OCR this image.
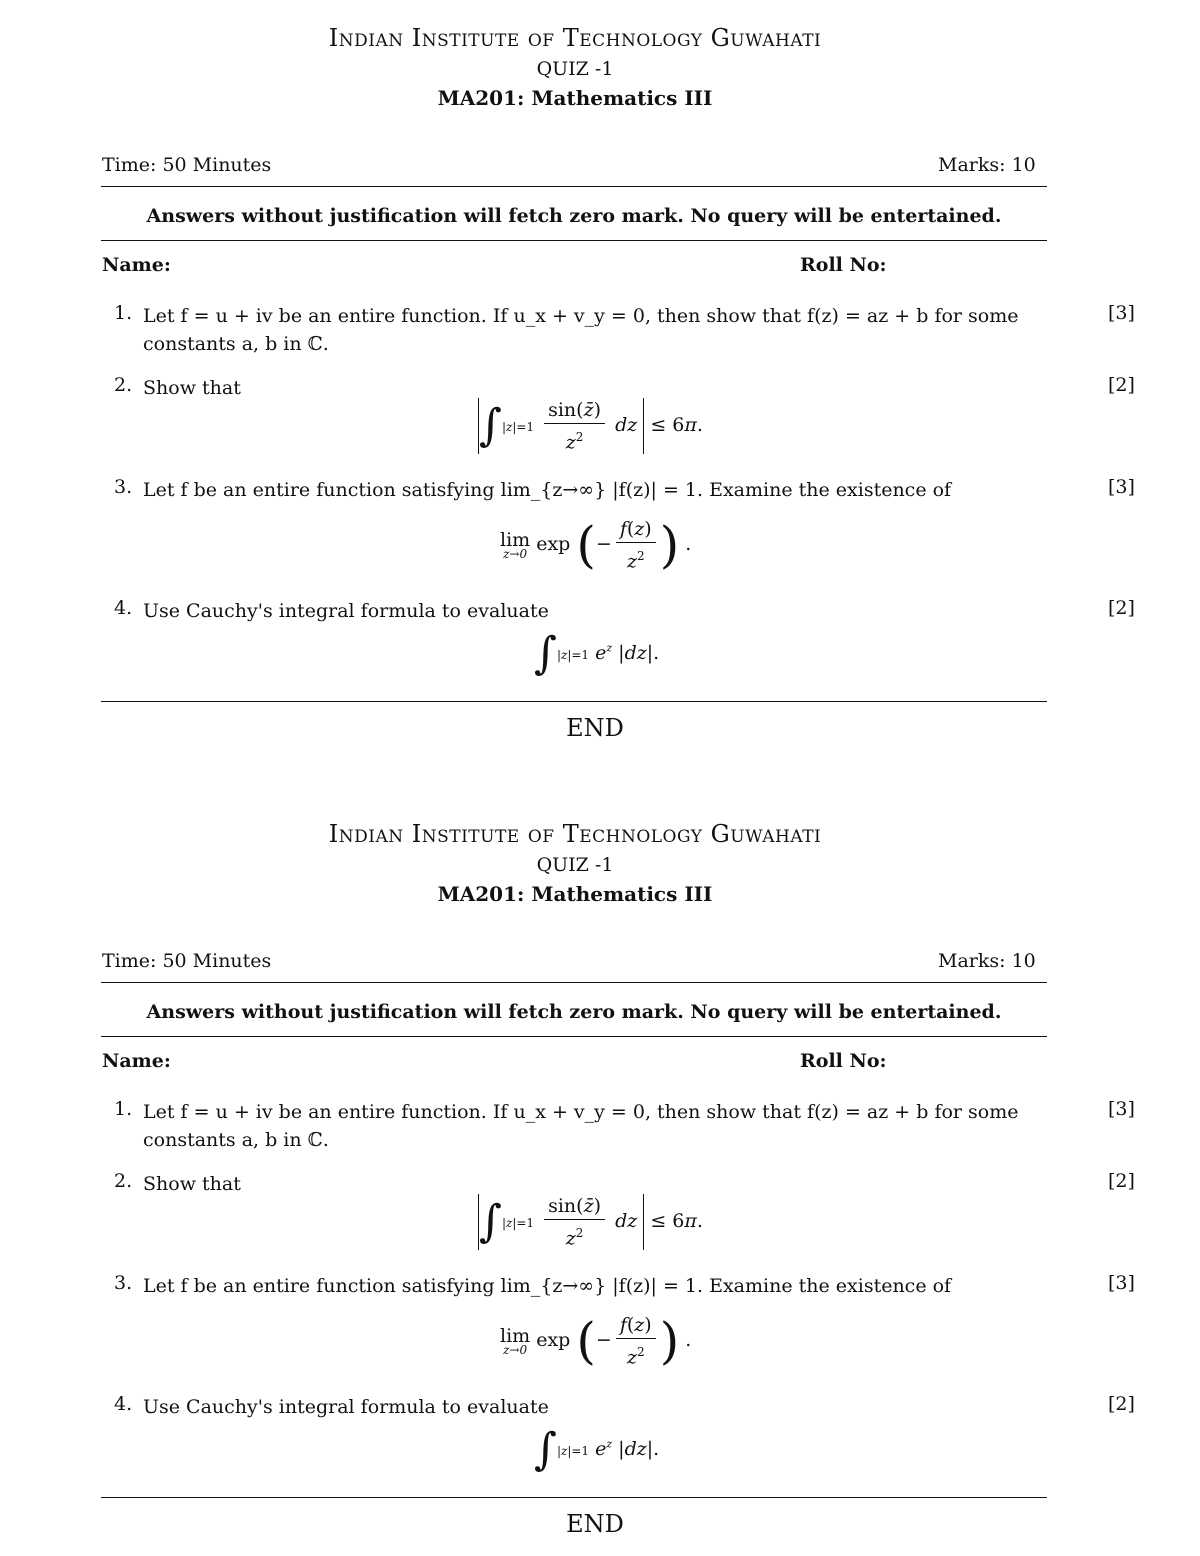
Indian Institute of Technology Guwahati
QUIZ -1
MA201: Mathematics III
Time: 50 Minutes	Marks: 10
Answers without justification will fetch zero mark. No query will be entertained.
Name:	Roll No:
1. Let f = u + iv be an entire function. If u_x + v_y = 0, then show that f(z) = az + b for some constants a, b in ℂ.
[3]
2. Show that	[2]
$\int|z|=1 \frac{\sin(z̄)}{z^2}$ dz  ≤ 6π.
3. Let f be an entire function satisfying lim_{z→∞} |f(z)| = 1. Examine the existence of	[3]
lim
z→0 exp (− $\frac{f(z)}{z^2}$ ) .
4. Use Cauchy's integral formula to evaluate	[2]
∫|z|=1 $e^z$ |dz|.
END
Indian Institute of Technology Guwahati
QUIZ -1
MA201: Mathematics III
Time: 50 Minutes	Marks: 10
Answers without justification will fetch zero mark. No query will be entertained.
Name:	Roll No:
1. Let f = u + iv be an entire function. If u_x + v_y = 0, then show that f(z) = az + b for some constants a, b in ℂ.
[3]
2. Show that	[2]
$\int|z|=1 \frac{\sin(z̄)}{z^2}$ dz  ≤ 6π.
3. Let f be an entire function satisfying lim_{z→∞} |f(z)| = 1. Examine the existence of	[3]
lim
z→0 exp (− $\frac{f(z)}{z^2}$ ) .
4. Use Cauchy's integral formula to evaluate	[2]
∫|z|=1 $e^z$ |dz|.
END
